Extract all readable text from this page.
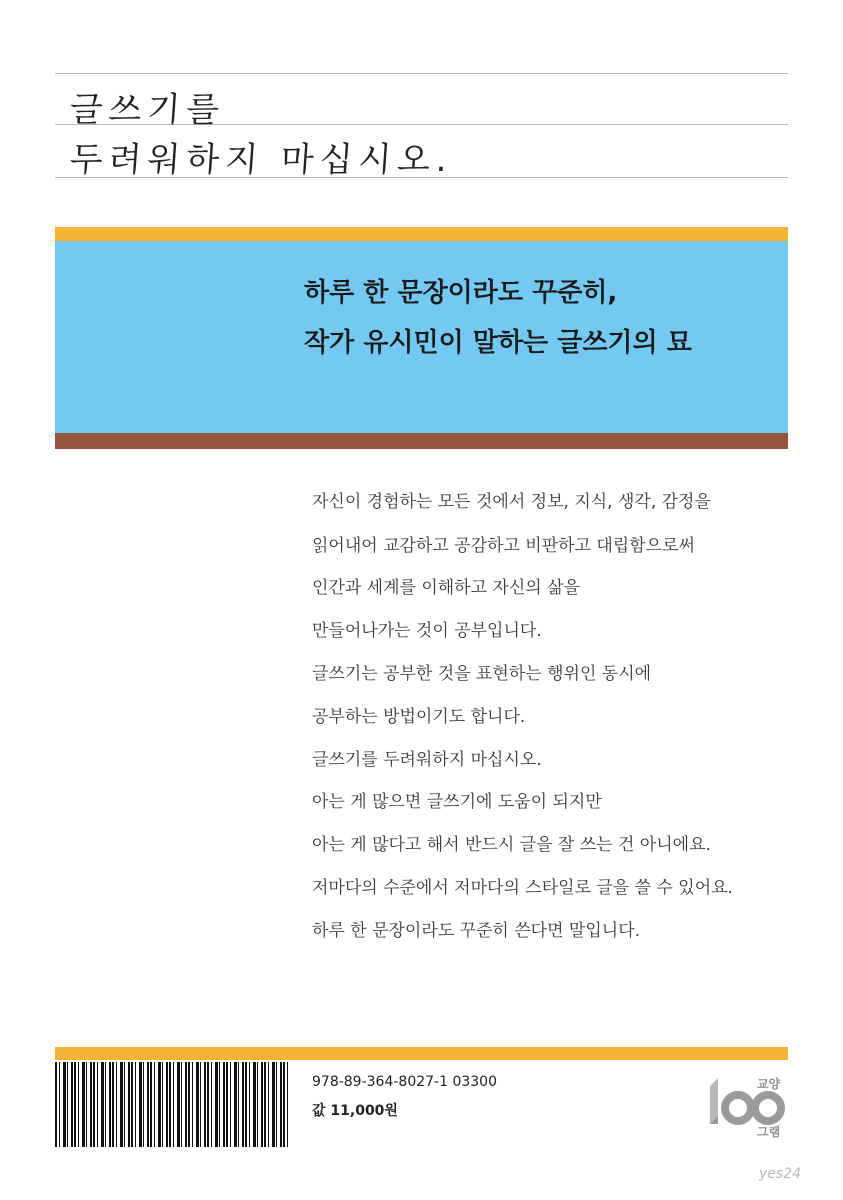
글쓰기를
두려워하지 마십시오.
하루 한 문장이라도 꾸준히,
작가 유시민이 말하는 글쓰기의 묘
자신이 경험하는 모든 것에서 정보, 지식, 생각, 감정을
읽어내어 교감하고 공감하고 비판하고 대립함으로써
인간과 세계를 이해하고 자신의 삶을
만들어나가는 것이 공부입니다.
글쓰기는 공부한 것을 표현하는 행위인 동시에
공부하는 방법이기도 합니다.
글쓰기를 두려워하지 마십시오.
아는 게 많으면 글쓰기에 도움이 되지만
아는 게 많다고 해서 반드시 글을 잘 쓰는 건 아니에요.
저마다의 수준에서 저마다의 스타일로 글을 쓸 수 있어요.
하루 한 문장이라도 꾸준히 쓴다면 말입니다.
978-89-364-8027-1 03300
값 11,000원
교양
그램
yes24
